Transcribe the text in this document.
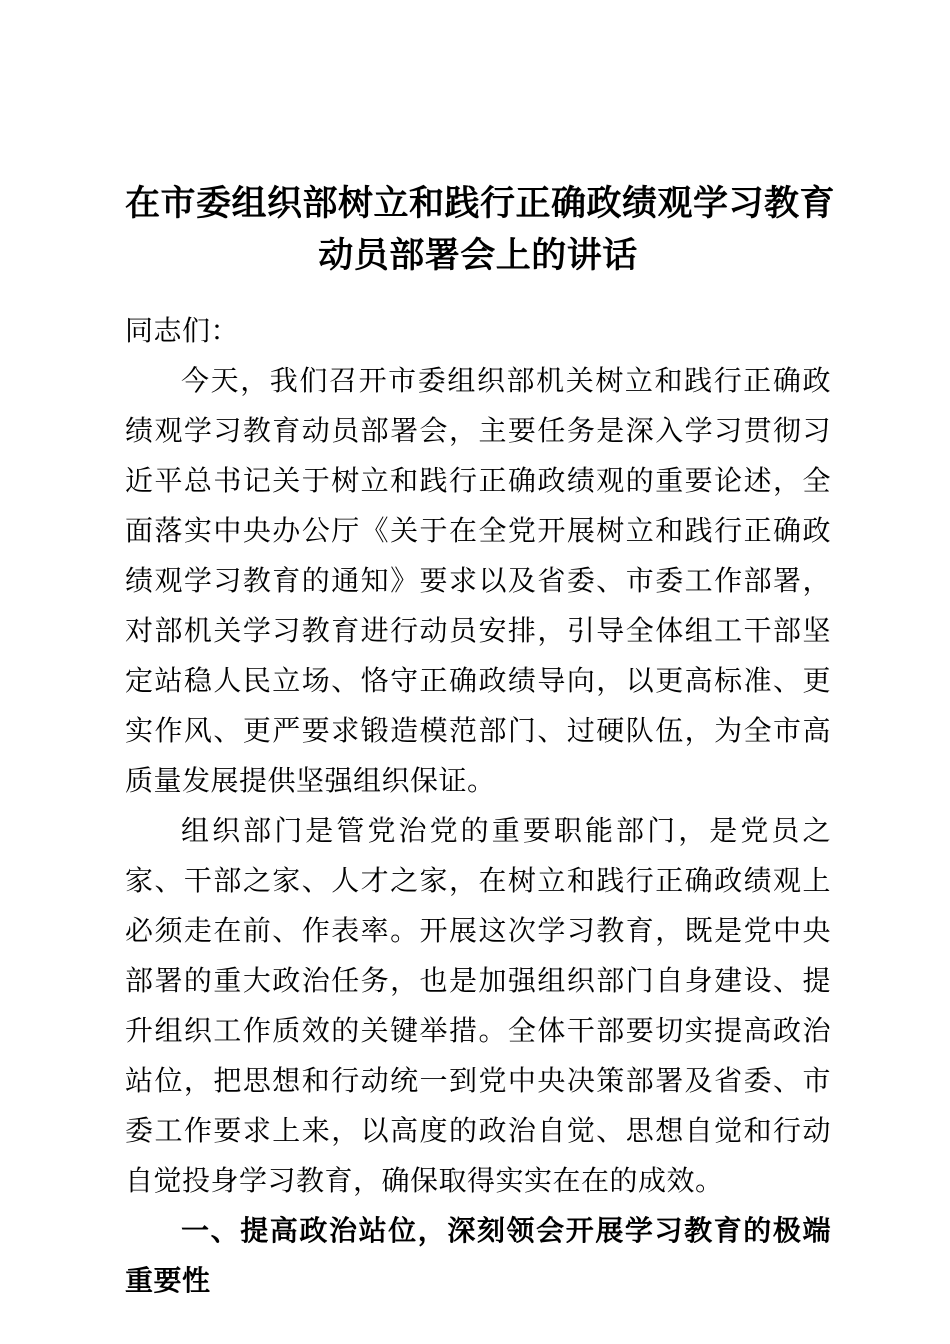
在市委组织部树立和践行正确政绩观学习教育
动员部署会上的讲话

同志们：

今天，我们召开市委组织部机关树立和践行正确政绩观学习教育动员部署会，主要任务是深入学习贯彻习近平总书记关于树立和践行正确政绩观的重要论述，全面落实中央办公厅《关于在全党开展树立和践行正确政绩观学习教育的通知》要求以及省委、市委工作部署，对部机关学习教育进行动员安排，引导全体组工干部坚定站稳人民立场、恪守正确政绩导向，以更高标准、更实作风、更严要求锻造模范部门、过硬队伍，为全市高质量发展提供坚强组织保证。

组织部门是管党治党的重要职能部门，是党员之家、干部之家、人才之家，在树立和践行正确政绩观上必须走在前、作表率。开展这次学习教育，既是党中央部署的重大政治任务，也是加强组织部门自身建设、提升组织工作质效的关键举措。全体干部要切实提高政治站位，把思想和行动统一到党中央决策部署及省委、市委工作要求上来，以高度的政治自觉、思想自觉和行动自觉投身学习教育，确保取得实实在在的成效。

一、提高政治站位，深刻领会开展学习教育的极端重要性
